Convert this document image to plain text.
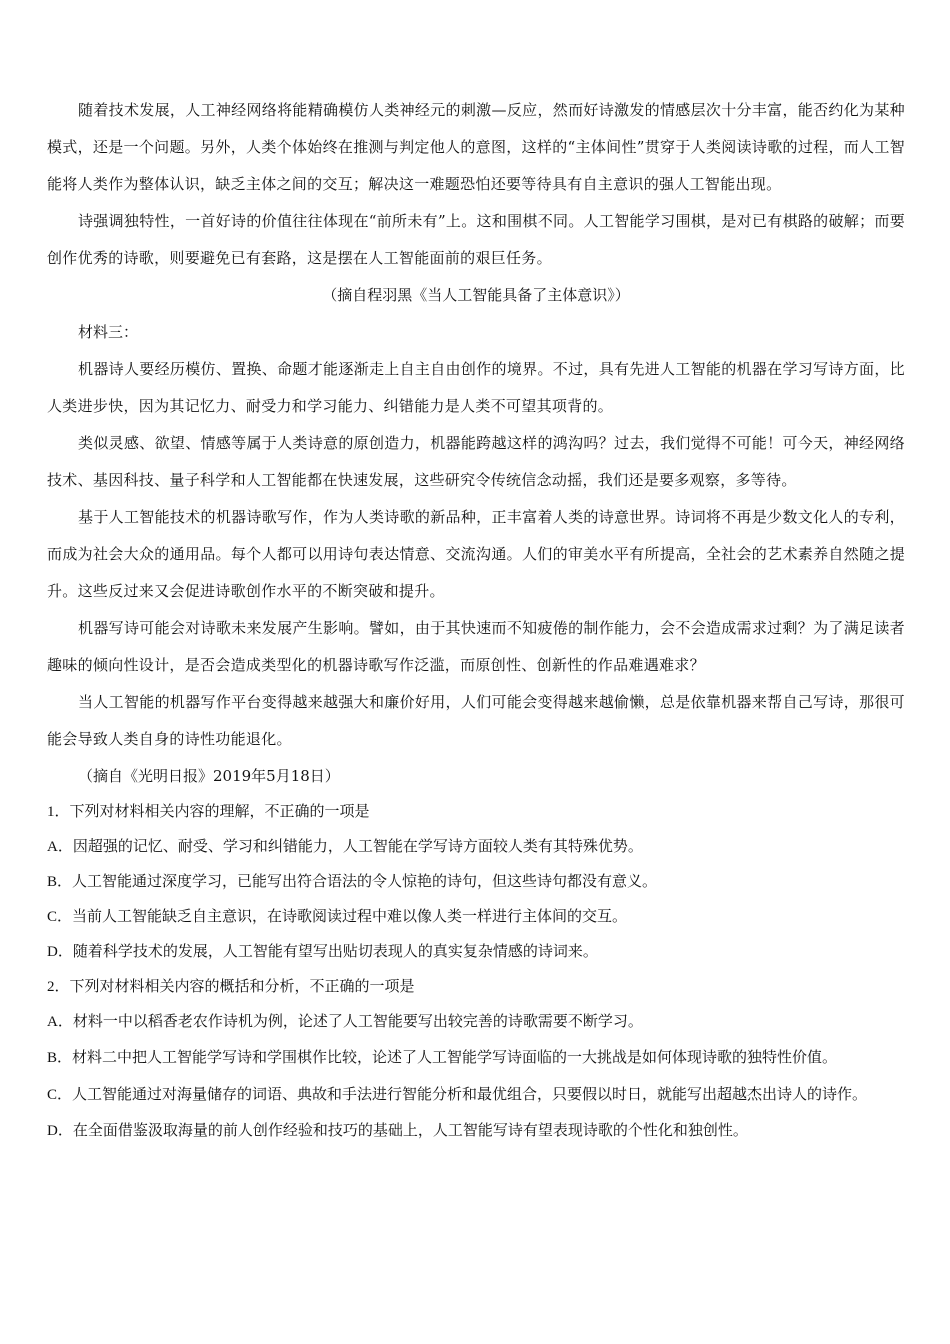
随着技术发展，人工神经网络将能精确模仿人类神经元的刺激—反应，然而好诗激发的情感层次十分丰富，能否约化为某种模式，还是一个问题。另外，人类个体始终在推测与判定他人的意图，这样的“主体间性”贯穿于人类阅读诗歌的过程，而人工智能将人类作为整体认识，缺乏主体之间的交互；解决这一难题恐怕还要等待具有自主意识的强人工智能出现。

诗强调独特性，一首好诗的价值往往体现在“前所未有”上。这和围棋不同。人工智能学习围棋，是对已有棋路的破解；而要创作优秀的诗歌，则要避免已有套路，这是摆在人工智能面前的艰巨任务。

（摘自程羽黑《当人工智能具备了主体意识》）

材料三：

机器诗人要经历模仿、置换、命题才能逐渐走上自主自由创作的境界。不过，具有先进人工智能的机器在学习写诗方面，比人类进步快，因为其记忆力、耐受力和学习能力、纠错能力是人类不可望其项背的。

类似灵感、欲望、情感等属于人类诗意的原创造力，机器能跨越这样的鸿沟吗？过去，我们觉得不可能！可今天，神经网络技术、基因科技、量子科学和人工智能都在快速发展，这些研究令传统信念动摇，我们还是要多观察，多等待。

基于人工智能技术的机器诗歌写作，作为人类诗歌的新品种，正丰富着人类的诗意世界。诗词将不再是少数文化人的专利，而成为社会大众的通用品。每个人都可以用诗句表达情意、交流沟通。人们的审美水平有所提高，全社会的艺术素养自然随之提升。这些反过来又会促进诗歌创作水平的不断突破和提升。

机器写诗可能会对诗歌未来发展产生影响。譬如，由于其快速而不知疲倦的制作能力，会不会造成需求过剩？为了满足读者趣味的倾向性设计，是否会造成类型化的机器诗歌写作泛滥，而原创性、创新性的作品难遇难求？

当人工智能的机器写作平台变得越来越强大和廉价好用，人们可能会变得越来越偷懒，总是依靠机器来帮自己写诗，那很可能会导致人类自身的诗性功能退化。

（摘自《光明日报》2019年5月18日）

1．下列对材料相关内容的理解，不正确的一项是

A．因超强的记忆、耐受、学习和纠错能力，人工智能在学写诗方面较人类有其特殊优势。

B．人工智能通过深度学习，已能写出符合语法的令人惊艳的诗句，但这些诗句都没有意义。

C．当前人工智能缺乏自主意识，在诗歌阅读过程中难以像人类一样进行主体间的交互。

D．随着科学技术的发展，人工智能有望写出贴切表现人的真实复杂情感的诗词来。

2．下列对材料相关内容的概括和分析，不正确的一项是

A．材料一中以稻香老农作诗机为例，论述了人工智能要写出较完善的诗歌需要不断学习。

B．材料二中把人工智能学写诗和学围棋作比较，论述了人工智能学写诗面临的一大挑战是如何体现诗歌的独特性价值。

C．人工智能通过对海量储存的词语、典故和手法进行智能分析和最优组合，只要假以时日，就能写出超越杰出诗人的诗作。

D．在全面借鉴汲取海量的前人创作经验和技巧的基础上，人工智能写诗有望表现诗歌的个性化和独创性。
